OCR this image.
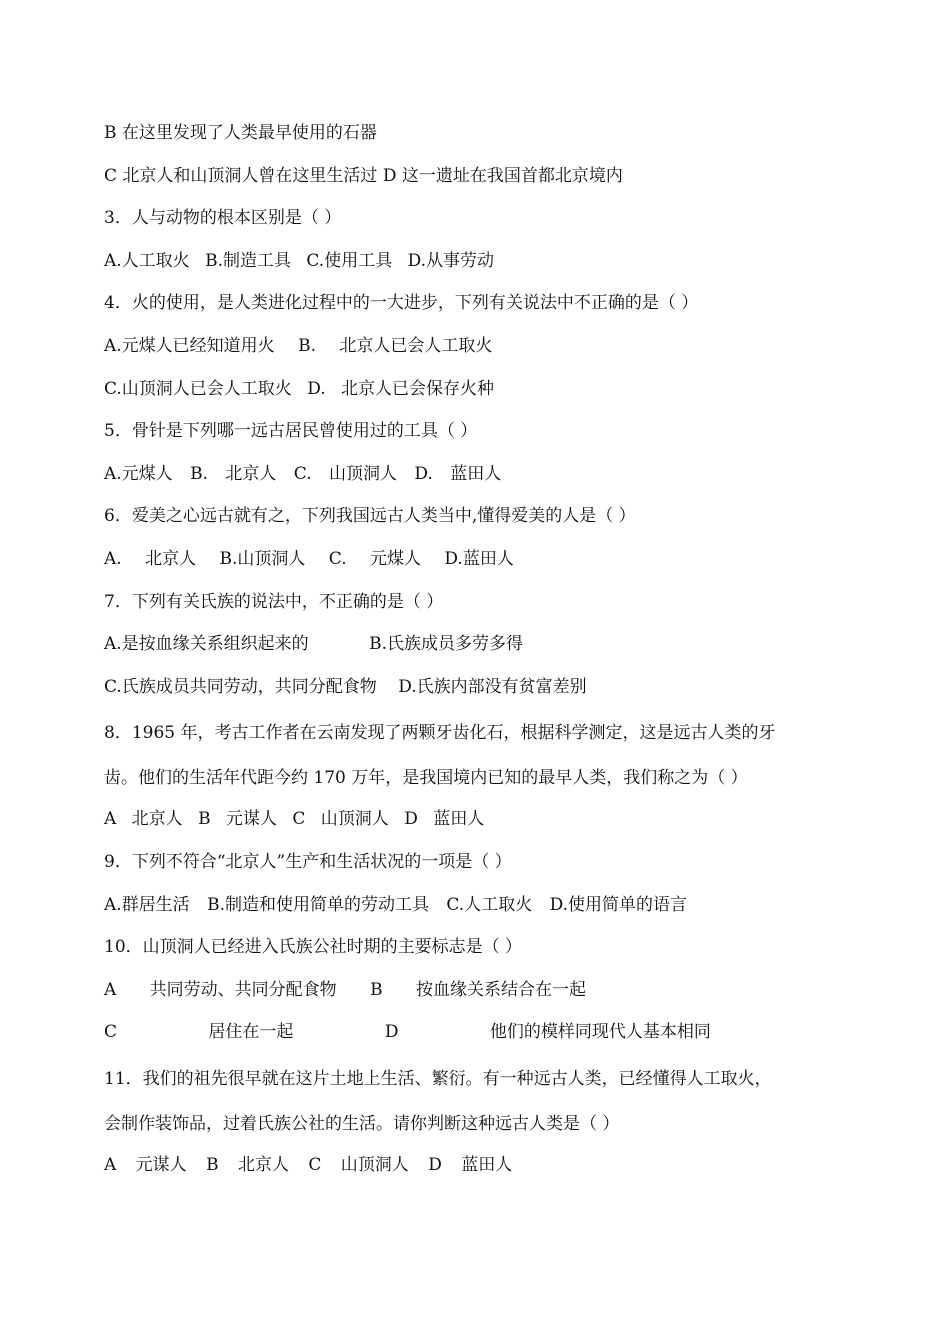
B 在这里发现了人类最早使用的石器
C 北京人和山顶洞人曾在这里生活过 D 这一遗址在我国首都北京境内
3．人与动物的根本区别是（ ）
A.人工取火 B.制造工具 C.使用工具 D.从事劳动
4．火的使用，是人类进化过程中的一大进步，下列有关说法中不正确的是（ ）
A.元煤人已经知道用火 B. 北京人已会人工取火
C.山顶洞人已会人工取火 D. 北京人已会保存火种
5．骨针是下列哪一远古居民曾使用过的工具（ ）
A.元煤人 B. 北京人 C. 山顶洞人 D. 蓝田人
6．爱美之心远古就有之，下列我国远古人类当中,懂得爱美的人是（ ）
A. 北京人 B.山顶洞人 C. 元煤人 D.蓝田人
7．下列有关氏族的说法中，不正确的是（ ）
A.是按血缘关系组织起来的 B.氏族成员多劳多得
C.氏族成员共同劳动，共同分配食物 D.氏族内部没有贫富差别
8．1965 年，考古工作者在云南发现了两颗牙齿化石，根据科学测定，这是远古人类的牙
齿。他们的生活年代距今约 170 万年，是我国境内已知的最早人类，我们称之为（ ）
A 北京人 B 元谋人 C 山顶洞人 D 蓝田人
9．下列不符合“北京人”生产和生活状况的一项是（ ）
A.群居生活 B.制造和使用简单的劳动工具 C.人工取火 D.使用简单的语言
10．山顶洞人已经进入氏族公社时期的主要标志是（ ）
A 共同劳动、共同分配食物 B 按血缘关系结合在一起
C 居住在一起 D 他们的模样同现代人基本相同
11．我们的祖先很早就在这片土地上生活、繁衍。有一种远古人类，已经懂得人工取火，
会制作装饰品，过着氏族公社的生活。请你判断这种远古人类是（ ）
A 元谋人 B 北京人 C 山顶洞人 D 蓝田人
